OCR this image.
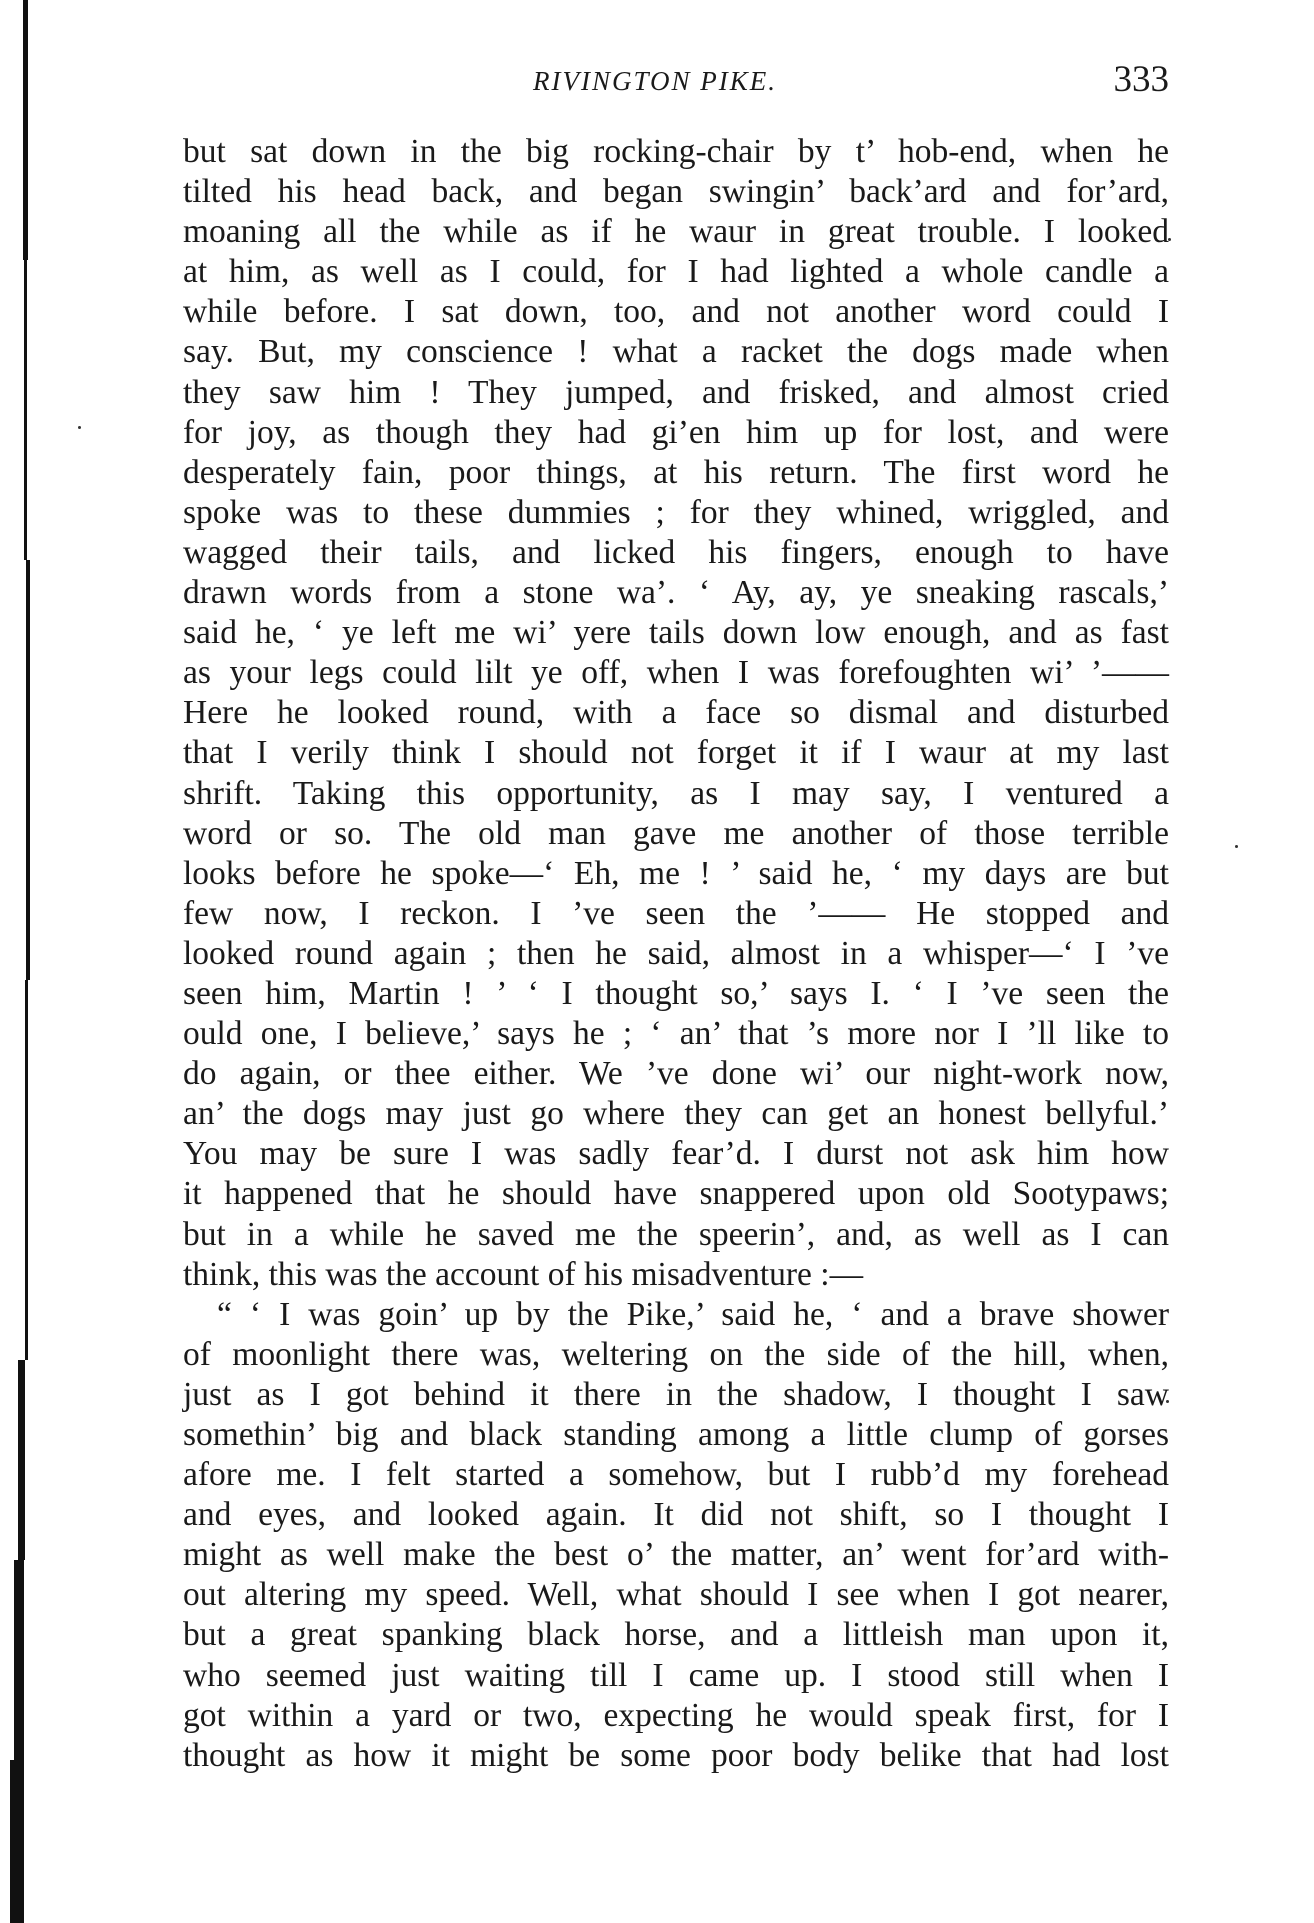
RIVINGTON PIKE.	333
but sat down in the big rocking-chair by t’ hob-end, when he
tilted his head back, and began swingin’ back’ard and for’ard,
moaning all the while as if he waur in great trouble. I looked
at him, as well as I could, for I had lighted a whole candle a
while before. I sat down, too, and not another word could I
say. But, my conscience ! what a racket the dogs made when
they saw him ! They jumped, and frisked, and almost cried
for joy, as though they had gi’en him up for lost, and were
desperately fain, poor things, at his return. The first word he
spoke was to these dummies ; for they whined, wriggled, and
wagged their tails, and licked his fingers, enough to have
drawn words from a stone wa’. ‘ Ay, ay, ye sneaking rascals,’
said he, ‘ ye left me wi’ yere tails down low enough, and as fast
as your legs could lilt ye off, when I was forefoughten wi’ ’——
Here he looked round, with a face so dismal and disturbed
that I verily think I should not forget it if I waur at my last
shrift. Taking this opportunity, as I may say, I ventured a
word or so. The old man gave me another of those terrible
looks before he spoke—‘ Eh, me ! ’ said he, ‘ my days are but
few now, I reckon. I ’ve seen the ’—— He stopped and
looked round again ; then he said, almost in a whisper—‘ I ’ve
seen him, Martin ! ’ ‘ I thought so,’ says I. ‘ I ’ve seen the
ould one, I believe,’ says he ; ‘ an’ that ’s more nor I ’ll like to
do again, or thee either. We ’ve done wi’ our night-work now,
an’ the dogs may just go where they can get an honest bellyful.’
You may be sure I was sadly fear’d. I durst not ask him how
it happened that he should have snappered upon old Sootypaws;
but in a while he saved me the speerin’, and, as well as I can
think, this was the account of his misadventure :—
“ ‘ I was goin’ up by the Pike,’ said he, ‘ and a brave shower
of moonlight there was, weltering on the side of the hill, when,
just as I got behind it there in the shadow, I thought I saw
somethin’ big and black standing among a little clump of gorses
afore me. I felt started a somehow, but I rubb’d my forehead
and eyes, and looked again. It did not shift, so I thought I
might as well make the best o’ the matter, an’ went for’ard with-
out altering my speed. Well, what should I see when I got nearer,
but a great spanking black horse, and a littleish man upon it,
who seemed just waiting till I came up. I stood still when I
got within a yard or two, expecting he would speak first, for I
thought as how it might be some poor body belike that had lost
